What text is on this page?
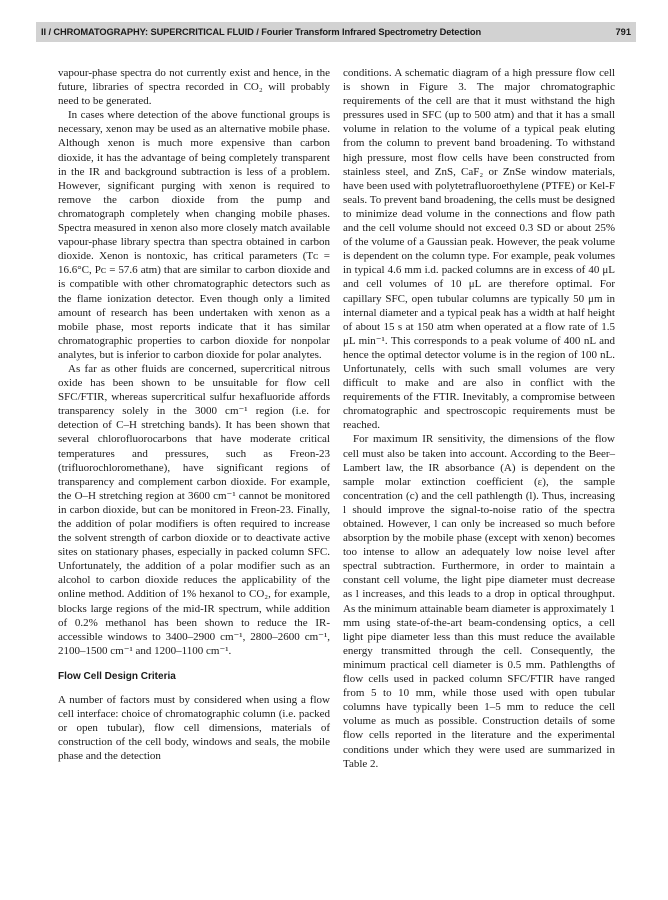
II / CHROMATOGRAPHY: SUPERCRITICAL FLUID / Fourier Transform Infrared Spectrometry Detection	791

vapour-phase spectra do not currently exist and hence, in the future, libraries of spectra recorded in CO₂ will probably need to be generated.

In cases where detection of the above functional groups is necessary, xenon may be used as an alternative mobile phase. Although xenon is much more expensive than carbon dioxide, it has the advantage of being completely transparent in the IR and background subtraction is less of a problem. However, significant purging with xenon is required to remove the carbon dioxide from the pump and chromatograph completely when changing mobile phases. Spectra measured in xenon also more closely match available vapour-phase library spectra than spectra obtained in carbon dioxide. Xenon is nontoxic, has critical parameters (Tᴄ = 16.6°C, Pᴄ = 57.6 atm) that are similar to carbon dioxide and is compatible with other chromatographic detectors such as the flame ionization detector. Even though only a limited amount of research has been undertaken with xenon as a mobile phase, most reports indicate that it has similar chromatographic properties to carbon dioxide for nonpolar analytes, but is inferior to carbon dioxide for polar analytes.

As far as other fluids are concerned, supercritical nitrous oxide has been shown to be unsuitable for flow cell SFC/FTIR, whereas supercritical sulfur hexafluoride affords transparency solely in the 3000 cm⁻¹ region (i.e. for detection of C–H stretching bands). It has been shown that several chlorofluorocarbons that have moderate critical temperatures and pressures, such as Freon-23 (trifluorochloromethane), have significant regions of transparency and complement carbon dioxide. For example, the O–H stretching region at 3600 cm⁻¹ cannot be monitored in carbon dioxide, but can be monitored in Freon-23. Finally, the addition of polar modifiers is often required to increase the solvent strength of carbon dioxide or to deactivate active sites on stationary phases, especially in packed column SFC. Unfortunately, the addition of a polar modifier such as an alcohol to carbon dioxide reduces the applicability of the online method. Addition of 1% hexanol to CO₂, for example, blocks large regions of the mid-IR spectrum, while addition of 0.2% methanol has been shown to reduce the IR-accessible windows to 3400–2900 cm⁻¹, 2800–2600 cm⁻¹, 2100–1500 cm⁻¹ and 1200–1100 cm⁻¹.

Flow Cell Design Criteria

A number of factors must by considered when using a flow cell interface: choice of chromatographic column (i.e. packed or open tubular), flow cell dimensions, materials of construction of the cell body, windows and seals, the mobile phase and the detection

conditions. A schematic diagram of a high pressure flow cell is shown in Figure 3. The major chromatographic requirements of the cell are that it must withstand the high pressures used in SFC (up to 500 atm) and that it has a small volume in relation to the volume of a typical peak eluting from the column to prevent band broadening. To withstand high pressure, most flow cells have been constructed from stainless steel, and ZnS, CaF₂ or ZnSe window materials, have been used with polytetrafluoroethylene (PTFE) or Kel-F seals. To prevent band broadening, the cells must be designed to minimize dead volume in the connections and flow path and the cell volume should not exceed 0.3 SD or about 25% of the volume of a Gaussian peak. However, the peak volume is dependent on the column type. For example, peak volumes in typical 4.6 mm i.d. packed columns are in excess of 40 μL and cell volumes of 10 μL are therefore optimal. For capillary SFC, open tubular columns are typically 50 μm in internal diameter and a typical peak has a width at half height of about 15 s at 150 atm when operated at a flow rate of 1.5 μL min⁻¹. This corresponds to a peak volume of 400 nL and hence the optimal detector volume is in the region of 100 nL. Unfortunately, cells with such small volumes are very difficult to make and are also in conflict with the requirements of the FTIR. Inevitably, a compromise between chromatographic and spectroscopic requirements must be reached.

For maximum IR sensitivity, the dimensions of the flow cell must also be taken into account. According to the Beer–Lambert law, the IR absorbance (A) is dependent on the sample molar extinction coefficient (ε), the sample concentration (c) and the cell pathlength (l). Thus, increasing l should improve the signal-to-noise ratio of the spectra obtained. However, l can only be increased so much before absorption by the mobile phase (except with xenon) becomes too intense to allow an adequately low noise level after spectral subtraction. Furthermore, in order to maintain a constant cell volume, the light pipe diameter must decrease as l increases, and this leads to a drop in optical throughput. As the minimum attainable beam diameter is approximately 1 mm using state-of-the-art beam-condensing optics, a cell light pipe diameter less than this must reduce the available energy transmitted through the cell. Consequently, the minimum practical cell diameter is 0.5 mm. Pathlengths of flow cells used in packed column SFC/FTIR have ranged from 5 to 10 mm, while those used with open tubular columns have typically been 1–5 mm to reduce the cell volume as much as possible. Construction details of some flow cells reported in the literature and the experimental conditions under which they were used are summarized in Table 2.
